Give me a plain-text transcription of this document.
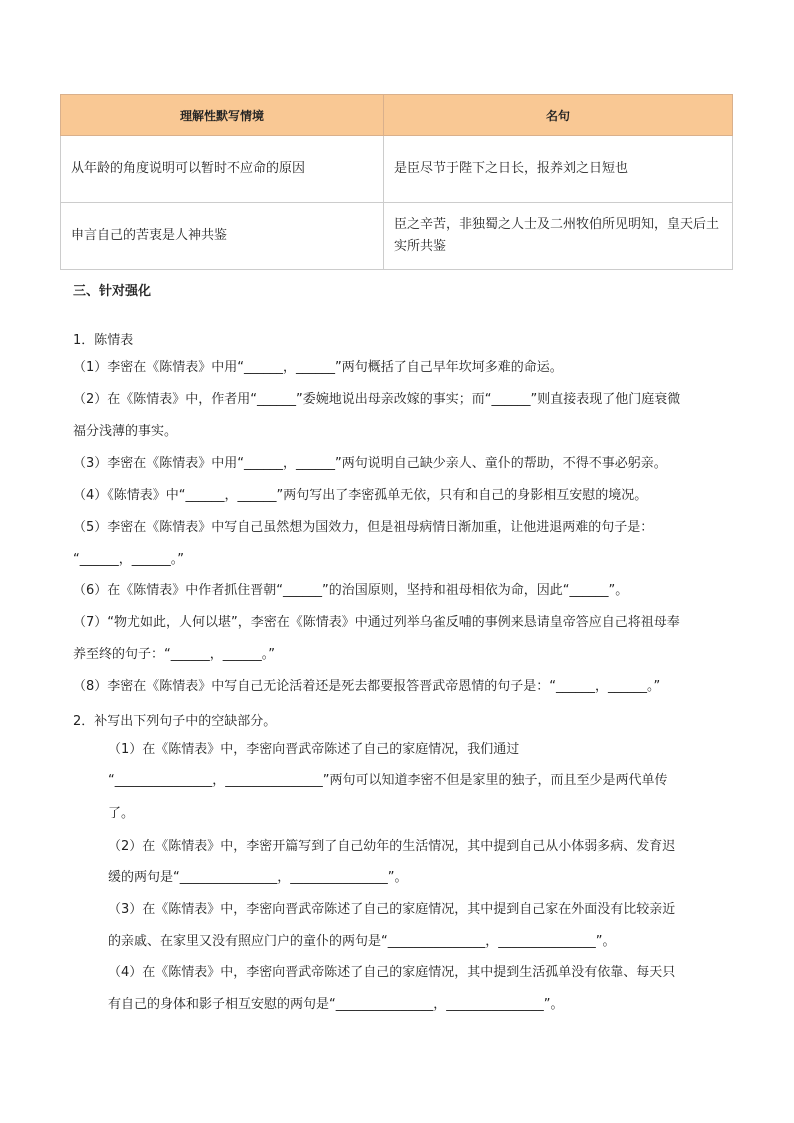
理解性默写情境	名句
从年龄的角度说明可以暂时不应命的原因	是臣尽节于陛下之日长，报养刘之日短也
申言自己的苦衷是人神共鉴	臣之辛苦，非独蜀之人士及二州牧伯所见明知，皇天后土实所共鉴
三、针对强化
1．陈情表
（1）李密在《陈情表》中用“______，______”两句概括了自己早年坎坷多难的命运。
（2）在《陈情表》中，作者用“______”委婉地说出母亲改嫁的事实；而“______”则直接表现了他门庭衰微
福分浅薄的事实。
（3）李密在《陈情表》中用“______，______”两句说明自己缺少亲人、童仆的帮助，不得不事必躬亲。
（4）《陈情表》中“______，______”两句写出了李密孤单无依，只有和自己的身影相互安慰的境况。
（5）李密在《陈情表》中写自己虽然想为国效力，但是祖母病情日渐加重，让他进退两难的句子是：
“______，______。”
（6）在《陈情表》中作者抓住晋朝“______”的治国原则，坚持和祖母相依为命，因此“______”。
（7）“物尤如此，人何以堪”，李密在《陈情表》中通过列举乌雀反哺的事例来恳请皇帝答应自己将祖母奉
养至终的句子：“______，______。”
（8）李密在《陈情表》中写自己无论活着还是死去都要报答晋武帝恩情的句子是：“______，______。”
2．补写出下列句子中的空缺部分。
（1）在《陈情表》中，李密向晋武帝陈述了自己的家庭情况，我们通过
“_______________，_______________”两句可以知道李密不但是家里的独子，而且至少是两代单传
了。
（2）在《陈情表》中，李密开篇写到了自己幼年的生活情况，其中提到自己从小体弱多病、发育迟
缓的两句是“_______________，_______________”。
（3）在《陈情表》中，李密向晋武帝陈述了自己的家庭情况，其中提到自己家在外面没有比较亲近
的亲戚、在家里又没有照应门户的童仆的两句是“_______________，_______________”。
（4）在《陈情表》中，李密向晋武帝陈述了自己的家庭情况，其中提到生活孤单没有依靠、每天只
有自己的身体和影子相互安慰的两句是“_______________，_______________”。
